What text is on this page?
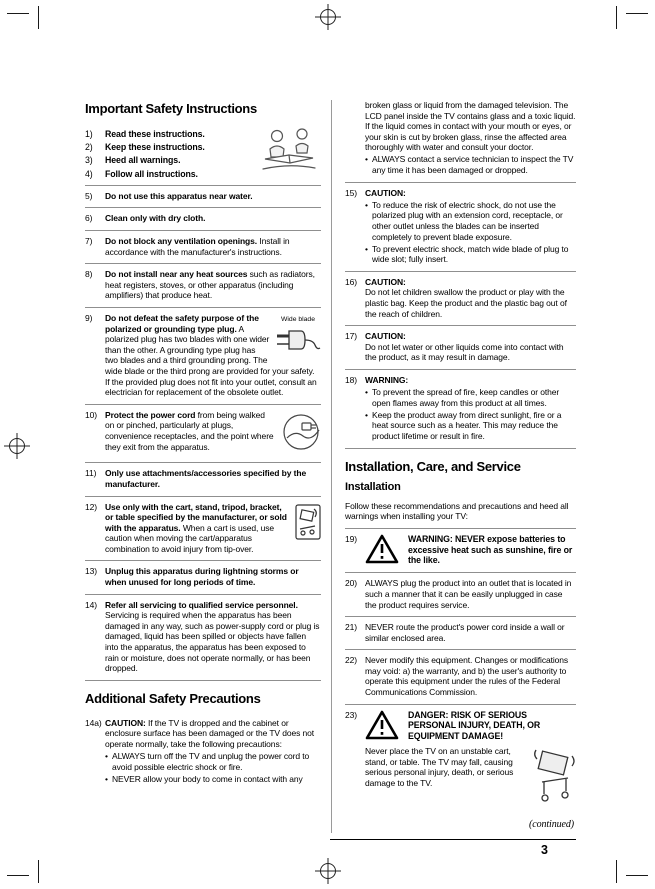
Important Safety Instructions
1)	Read these instructions.
2)	Keep these instructions.
3)	Heed all warnings.
4)	Follow all instructions.
5)	Do not use this apparatus near water.
6)	Clean only with dry cloth.
7)	Do not block any ventilation openings. Install in accordance with the manufacturer's instructions.
8)	Do not install near any heat sources such as radiators, heat registers, stoves, or other apparatus (including amplifiers) that produce heat.
9)	Wide blade
Do not defeat the safety purpose of the polarized or grounding type plug. A polarized plug has two blades with one wider than the other. A grounding type plug has two blades and a third grounding prong. The wide blade or the third prong are provided for your safety. If the provided plug does not fit into your outlet, consult an electrician for replacement of the obsolete outlet.
10) Protect the power cord from being walked on or pinched, particularly at plugs, convenience receptacles, and the point where they exit from the apparatus.
11)	Only use attachments/accessories specified by the manufacturer.
12) Use only with the cart, stand, tripod, bracket, or table specified by the manufacturer, or sold with the apparatus. When a cart is used, use caution when moving the cart/apparatus combination to avoid injury from tip-over.
13) Unplug this apparatus during lightning storms or when unused for long periods of time.
14) Refer all servicing to qualified service personnel. Servicing is required when the apparatus has been damaged in any way, such as power-supply cord or plug is damaged, liquid has been spilled or objects have fallen into the apparatus, the apparatus has been exposed to rain or moisture, does not operate normally, or has been dropped.
Additional Safety Precautions
14a) CAUTION: If the TV is dropped and the cabinet or enclosure surface has been damaged or the TV does not operate normally, take the following precautions:
• ALWAYS turn off the TV and unplug the power cord to avoid possible electric shock or fire.
• NEVER allow your body to come in contact with any
broken glass or liquid from the damaged television. The LCD panel inside the TV contains glass and a toxic liquid. If the liquid comes in contact with your mouth or eyes, or your skin is cut by broken glass, rinse the affected area thoroughly with water and consult your doctor.
• ALWAYS contact a service technician to inspect the TV any time it has been damaged or dropped.
15) CAUTION:
• To reduce the risk of electric shock, do not use the polarized plug with an extension cord, receptacle, or other outlet unless the blades can be inserted completely to prevent blade exposure.
• To prevent electric shock, match wide blade of plug to wide slot; fully insert.
16) CAUTION:
Do not let children swallow the product or play with the plastic bag. Keep the product and the plastic bag out of the reach of children.
17) CAUTION:
Do not let water or other liquids come into contact with the product, as it may result in damage.
18) WARNING:
• To prevent the spread of fire, keep candles or other open flames away from this product at all times.
• Keep the product away from direct sunlight, fire or a heat source such as a heater. This may reduce the product lifetime or result in fire.
Installation, Care, and Service
Installation
Follow these recommendations and precautions and heed all warnings when installing your TV:
19)	WARNING: NEVER expose batteries to excessive heat such as sunshine, fire or the like.
20) ALWAYS plug the product into an outlet that is located in such a manner that it can be easily unplugged in case the product requires service.
21) NEVER route the product's power cord inside a wall or similar enclosed area.
22) Never modify this equipment. Changes or modifications may void: a) the warranty, and b) the user's authority to operate this equipment under the rules of the Federal Communications Commission.
23)	DANGER: RISK OF SERIOUS PERSONAL INJURY, DEATH, OR EQUIPMENT DAMAGE!
Never place the TV on an unstable cart, stand, or table. The TV may fall, causing serious personal injury, death, or serious damage to the TV.
(continued)
3
